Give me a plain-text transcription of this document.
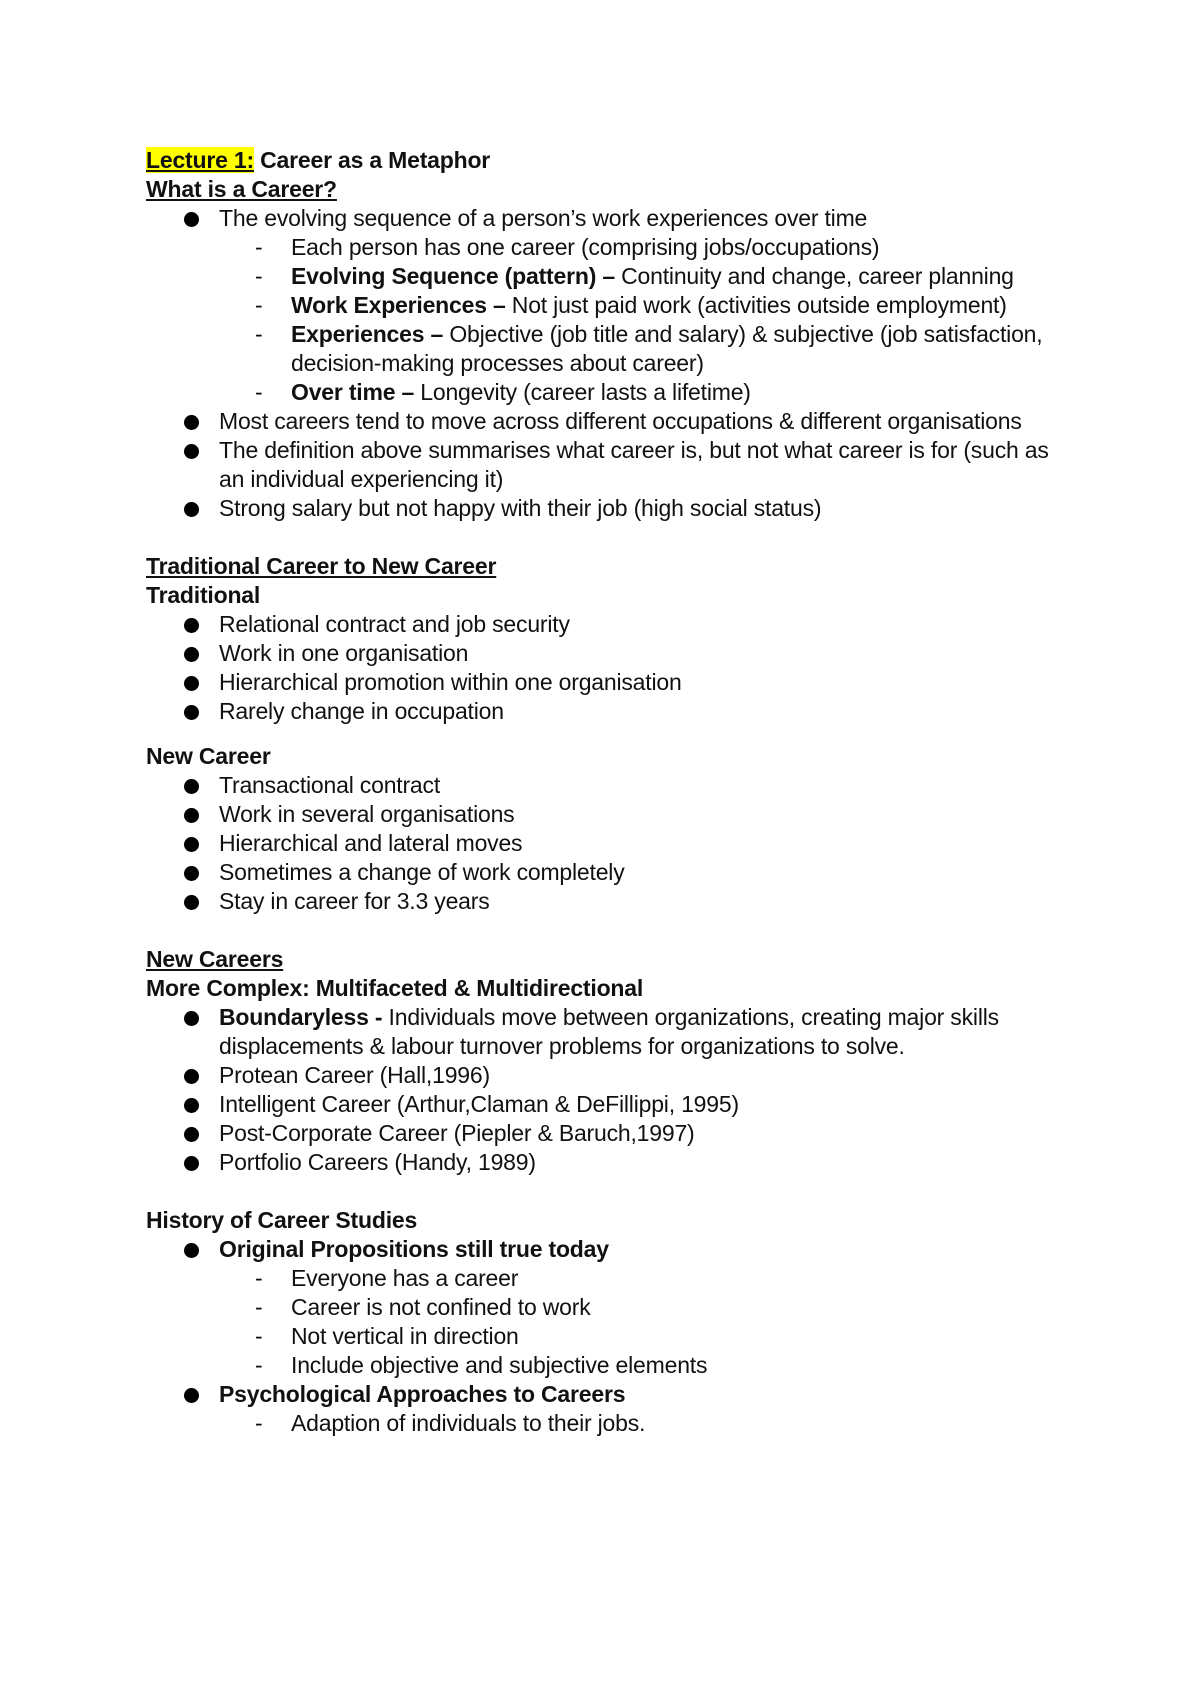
Lecture 1: Career as a Metaphor

What is a Career?

The evolving sequence of a person’s work experiences over time
- Each person has one career (comprising jobs/occupations)
- Evolving Sequence (pattern) – Continuity and change, career planning
- Work Experiences – Not just paid work (activities outside employment)
- Experiences – Objective (job title and salary) & subjective (job satisfaction, decision-making processes about career)
- Over time – Longevity (career lasts a lifetime)
Most careers tend to move across different occupations & different organisations
The definition above summarises what career is, but not what career is for (such as an individual experiencing it)
Strong salary but not happy with their job (high social status)

Traditional Career to New Career

Traditional

Relational contract and job security
Work in one organisation
Hierarchical promotion within one organisation
Rarely change in occupation

New Career

Transactional contract
Work in several organisations
Hierarchical and lateral moves
Sometimes a change of work completely
Stay in career for 3.3 years

New Careers

More Complex: Multifaceted & Multidirectional

Boundaryless - Individuals move between organizations, creating major skills displacements & labour turnover problems for organizations to solve.
Protean Career (Hall,1996)
Intelligent Career (Arthur,Claman & DeFillippi, 1995)
Post-Corporate Career (Piepler & Baruch,1997)
Portfolio Careers (Handy, 1989)

History of Career Studies

Original Propositions still true today
- Everyone has a career
- Career is not confined to work
- Not vertical in direction
- Include objective and subjective elements
Psychological Approaches to Careers
- Adaption of individuals to their jobs.
